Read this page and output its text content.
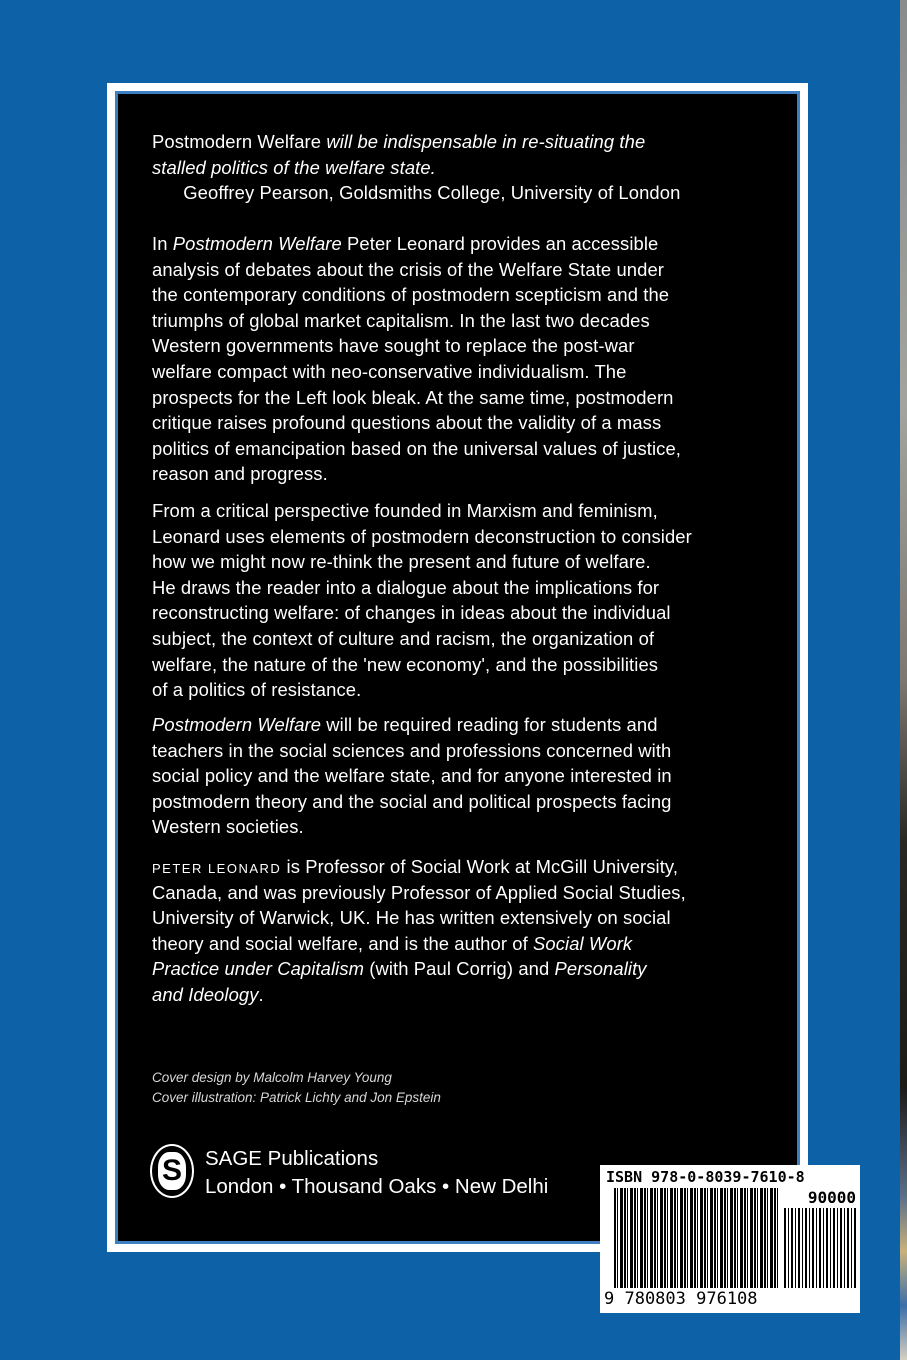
Postmodern Welfare will be indispensable in re-situating the
stalled politics of the welfare state.
Geoffrey Pearson, Goldsmiths College, University of London
In Postmodern Welfare Peter Leonard provides an accessible
analysis of debates about the crisis of the Welfare State under
the contemporary conditions of postmodern scepticism and the
triumphs of global market capitalism. In the last two decades
Western governments have sought to replace the post-war
welfare compact with neo-conservative individualism. The
prospects for the Left look bleak. At the same time, postmodern
critique raises profound questions about the validity of a mass
politics of emancipation based on the universal values of justice,
reason and progress.
From a critical perspective founded in Marxism and feminism,
Leonard uses elements of postmodern deconstruction to consider
how we might now re-think the present and future of welfare.
He draws the reader into a dialogue about the implications for
reconstructing welfare: of changes in ideas about the individual
subject, the context of culture and racism, the organization of
welfare, the nature of the 'new economy', and the possibilities
of a politics of resistance.
Postmodern Welfare will be required reading for students and
teachers in the social sciences and professions concerned with
social policy and the welfare state, and for anyone interested in
postmodern theory and the social and political prospects facing
Western societies.
PETER LEONARD is Professor of Social Work at McGill University,
Canada, and was previously Professor of Applied Social Studies,
University of Warwick, UK. He has written extensively on social
theory and social welfare, and is the author of Social Work
Practice under Capitalism (with Paul Corrig) and Personality
and Ideology.
Cover design by Malcolm Harvey Young
Cover illustration: Patrick Lichty and Jon Epstein
S SAGE Publications
London • Thousand Oaks • New Delhi	ISBN 978-0-8039-7610-8
90000
9 780803 976108
